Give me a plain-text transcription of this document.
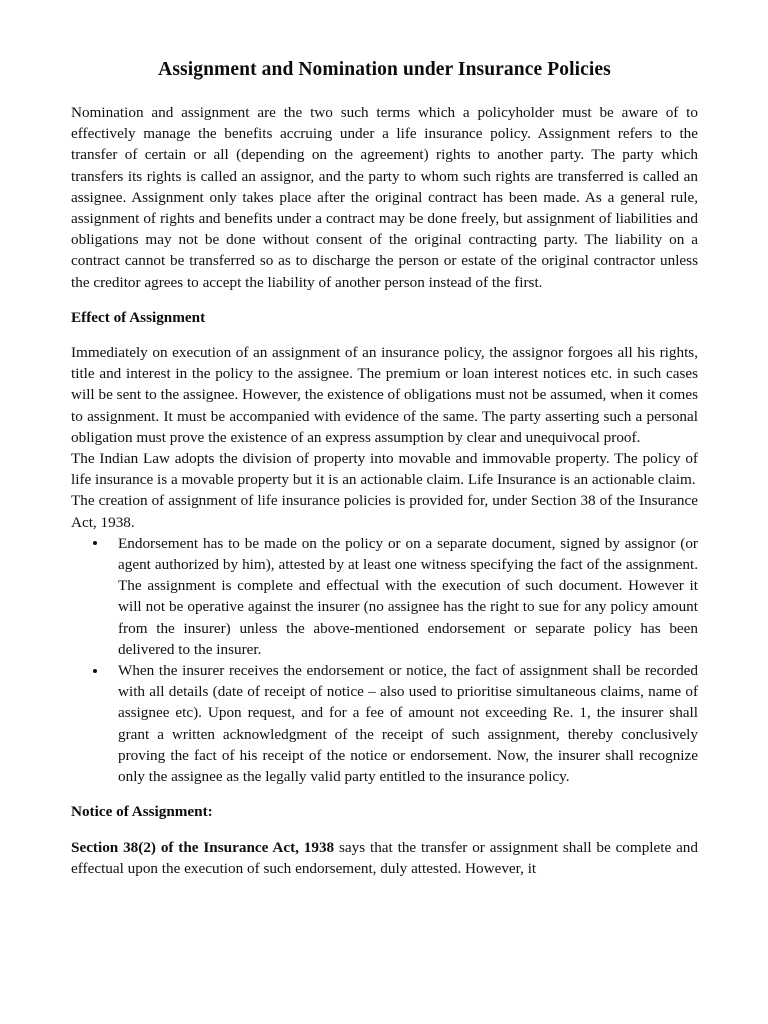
Assignment and Nomination under Insurance Policies

Nomination and assignment are the two such terms which a policyholder must be aware of to effectively manage the benefits accruing under a life insurance policy. Assignment refers to the transfer of certain or all (depending on the agreement) rights to another party. The party which transfers its rights is called an assignor, and the party to whom such rights are transferred is called an assignee. Assignment only takes place after the original contract has been made. As a general rule, assignment of rights and benefits under a contract may be done freely, but assignment of liabilities and obligations may not be done without consent of the original contracting party. The liability on a contract cannot be transferred so as to discharge the person or estate of the original contractor unless the creditor agrees to accept the liability of another person instead of the first.

Effect of Assignment

Immediately on execution of an assignment of an insurance policy, the assignor forgoes all his rights, title and interest in the policy to the assignee. The premium or loan interest notices etc. in such cases will be sent to the assignee. However, the existence of obligations must not be assumed, when it comes to assignment. It must be accompanied with evidence of the same. The party asserting such a personal obligation must prove the existence of an express assumption by clear and unequivocal proof.

The Indian Law adopts the division of property into movable and immovable property. The policy of life insurance is a movable property but it is an actionable claim. Life Insurance is an actionable claim.

The creation of assignment of life insurance policies is provided for, under Section 38 of the Insurance Act, 1938.

Endorsement has to be made on the policy or on a separate document, signed by assignor (or agent authorized by him), attested by at least one witness specifying the fact of the assignment. The assignment is complete and effectual with the execution of such document. However it will not be operative against the insurer (no assignee has the right to sue for any policy amount from the insurer) unless the above-mentioned endorsement or separate policy has been delivered to the insurer.
When the insurer receives the endorsement or notice, the fact of assignment shall be recorded with all details (date of receipt of notice – also used to prioritise simultaneous claims, name of assignee etc). Upon request, and for a fee of amount not exceeding Re. 1, the insurer shall grant a written acknowledgment of the receipt of such assignment, thereby conclusively proving the fact of his receipt of the notice or endorsement. Now, the insurer shall recognize only the assignee as the legally valid party entitled to the insurance policy.
Notice of Assignment:

Section 38(2) of the Insurance Act, 1938 says that the transfer or assignment shall be complete and effectual upon the execution of such endorsement, duly attested. However, it
